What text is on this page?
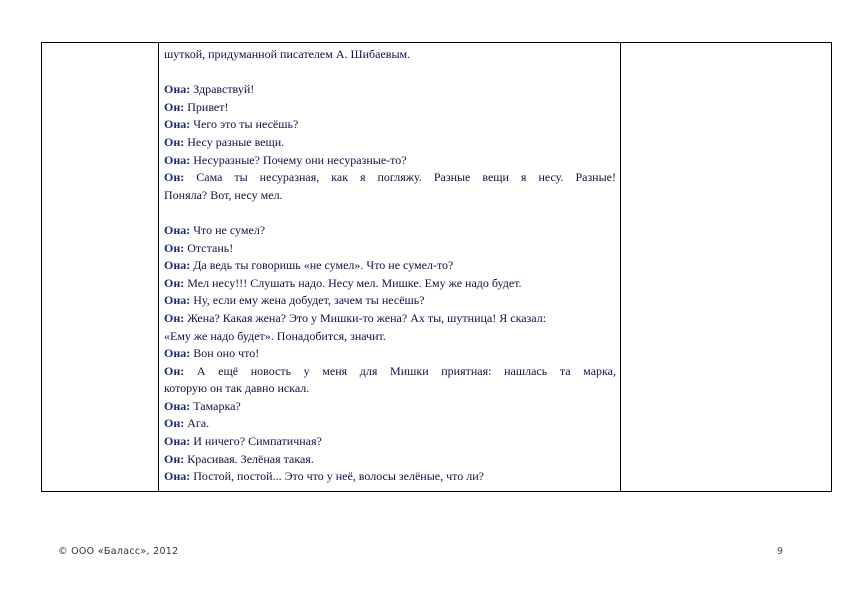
шуткой, придуманной писателем А. Шибаевым.
Она: Здравствуй!
Он: Привет!
Она: Чего это ты несёшь?
Он: Несу разные вещи.
Она: Несуразные? Почему они несуразные-то?
Он: Сама ты несуразная, как я погляжу. Разные вещи я несу. Разные!
Поняла? Вот, несу мел.
Она: Что не сумел?
Он: Отстань!
Она: Да ведь ты говоришь «не сумел». Что не сумел-то?
Он: Мел несу!!! Слушать надо. Несу мел. Мишке. Ему же надо будет.
Она: Ну, если ему жена добудет, зачем ты несёшь?
Он: Жена? Какая жена? Это у Мишки-то жена? Ах ты, шутница! Я сказал:
«Ему же надо будет». Понадобится, значит.
Она: Вон оно что!
Он: А ещё новость у меня для Мишки приятная: нашлась та марка,
которую он так давно искал.
Она: Тамарка?
Он: Ага.
Она: И ничего? Симпатичная?
Он: Красивая. Зелёная такая.
Она: Постой, постой... Это что у неё, волосы зелёные, что ли?
© ООО «Баласс», 2012	9
